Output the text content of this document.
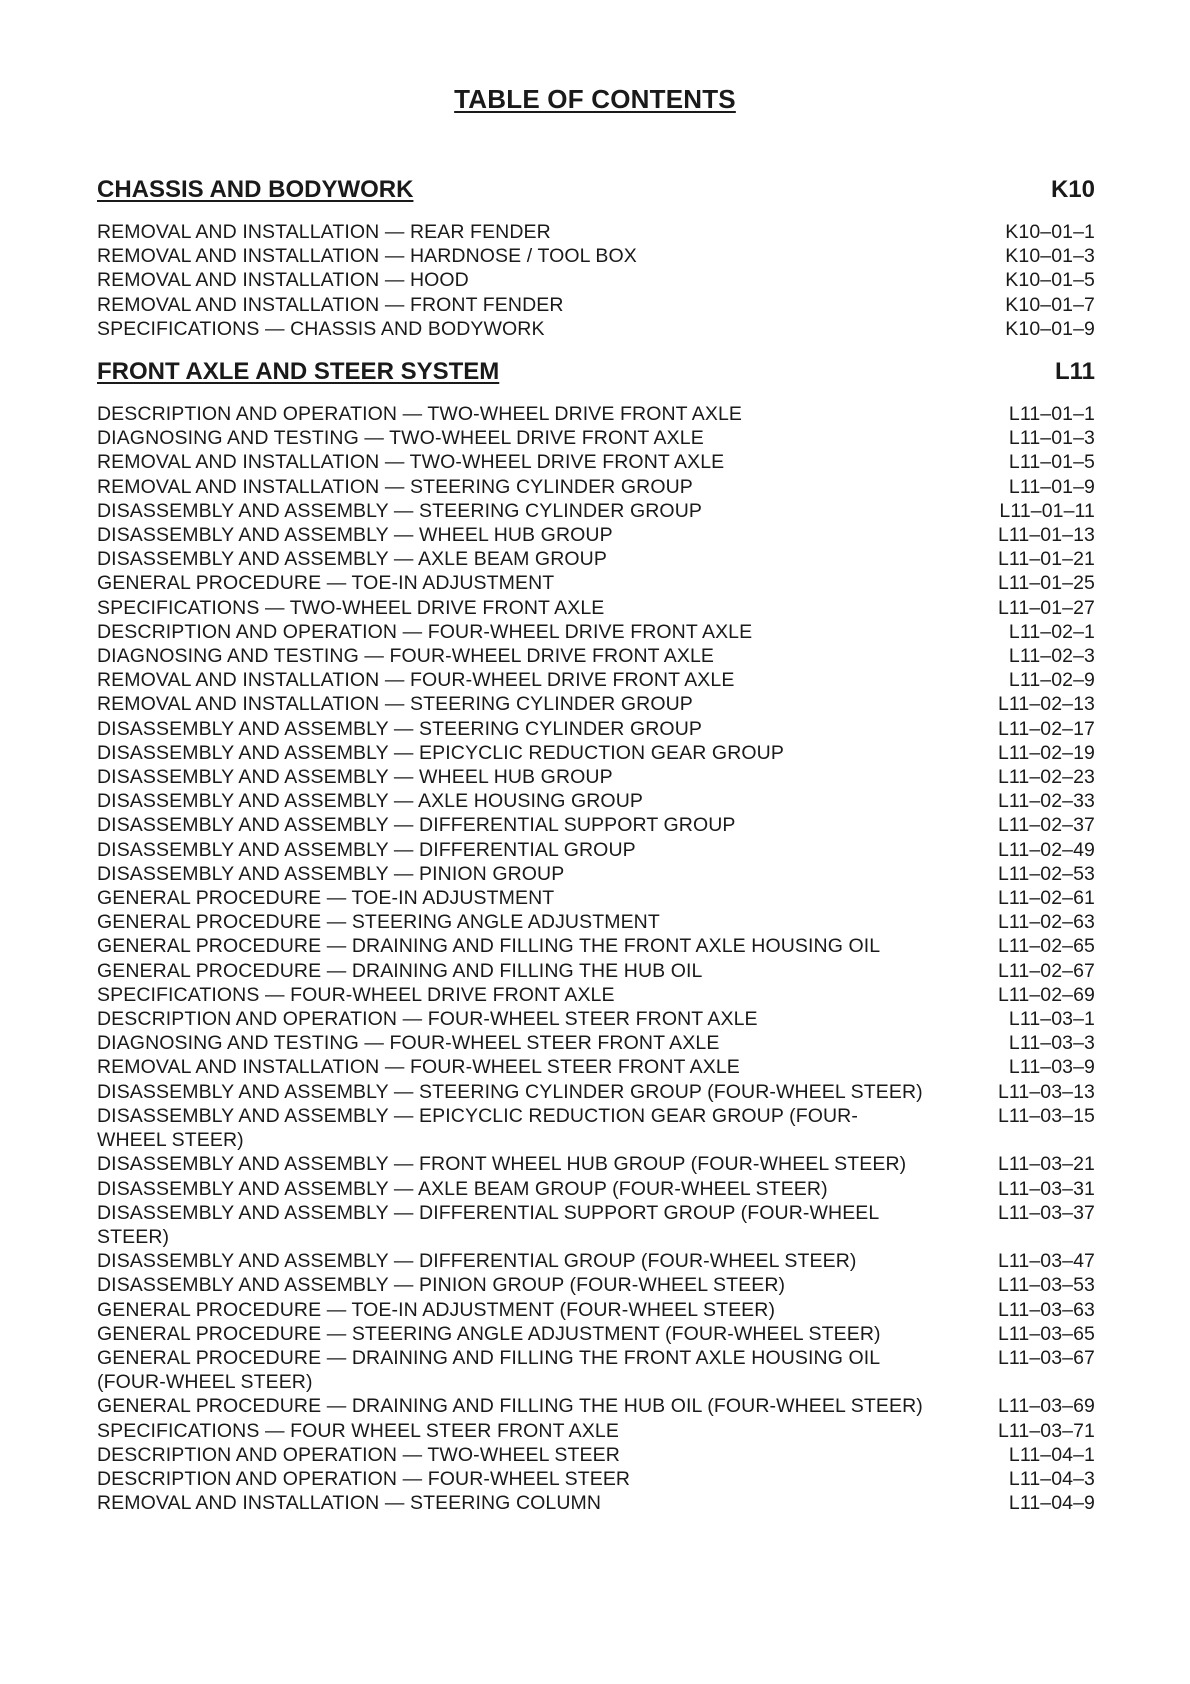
TABLE OF CONTENTS
CHASSIS AND BODYWORK	K10
REMOVAL AND INSTALLATION — REAR FENDER	K10–01–1
REMOVAL AND INSTALLATION — HARDNOSE / TOOL BOX	K10–01–3
REMOVAL AND INSTALLATION — HOOD	K10–01–5
REMOVAL AND INSTALLATION — FRONT FENDER	K10–01–7
SPECIFICATIONS — CHASSIS AND BODYWORK	K10–01–9
FRONT AXLE AND STEER SYSTEM	L11
DESCRIPTION AND OPERATION — TWO-WHEEL DRIVE FRONT AXLE	L11–01–1
DIAGNOSING AND TESTING — TWO-WHEEL DRIVE FRONT AXLE	L11–01–3
REMOVAL AND INSTALLATION — TWO-WHEEL DRIVE FRONT AXLE	L11–01–5
REMOVAL AND INSTALLATION — STEERING CYLINDER GROUP	L11–01–9
DISASSEMBLY AND ASSEMBLY — STEERING CYLINDER GROUP	L11–01–11
DISASSEMBLY AND ASSEMBLY — WHEEL HUB GROUP	L11–01–13
DISASSEMBLY AND ASSEMBLY — AXLE BEAM GROUP	L11–01–21
GENERAL PROCEDURE — TOE-IN ADJUSTMENT	L11–01–25
SPECIFICATIONS — TWO-WHEEL DRIVE FRONT AXLE	L11–01–27
DESCRIPTION AND OPERATION — FOUR-WHEEL DRIVE FRONT AXLE	L11–02–1
DIAGNOSING AND TESTING — FOUR-WHEEL DRIVE FRONT AXLE	L11–02–3
REMOVAL AND INSTALLATION — FOUR-WHEEL DRIVE FRONT AXLE	L11–02–9
REMOVAL AND INSTALLATION — STEERING CYLINDER GROUP	L11–02–13
DISASSEMBLY AND ASSEMBLY — STEERING CYLINDER GROUP	L11–02–17
DISASSEMBLY AND ASSEMBLY — EPICYCLIC REDUCTION GEAR GROUP	L11–02–19
DISASSEMBLY AND ASSEMBLY — WHEEL HUB GROUP	L11–02–23
DISASSEMBLY AND ASSEMBLY — AXLE HOUSING GROUP	L11–02–33
DISASSEMBLY AND ASSEMBLY — DIFFERENTIAL SUPPORT GROUP	L11–02–37
DISASSEMBLY AND ASSEMBLY — DIFFERENTIAL GROUP	L11–02–49
DISASSEMBLY AND ASSEMBLY — PINION GROUP	L11–02–53
GENERAL PROCEDURE — TOE-IN ADJUSTMENT	L11–02–61
GENERAL PROCEDURE — STEERING ANGLE ADJUSTMENT	L11–02–63
GENERAL PROCEDURE — DRAINING AND FILLING THE FRONT AXLE HOUSING OIL	L11–02–65
GENERAL PROCEDURE — DRAINING AND FILLING THE HUB OIL	L11–02–67
SPECIFICATIONS — FOUR-WHEEL DRIVE FRONT AXLE	L11–02–69
DESCRIPTION AND OPERATION — FOUR-WHEEL STEER FRONT AXLE	L11–03–1
DIAGNOSING AND TESTING — FOUR-WHEEL STEER FRONT AXLE	L11–03–3
REMOVAL AND INSTALLATION — FOUR-WHEEL STEER FRONT AXLE	L11–03–9
DISASSEMBLY AND ASSEMBLY — STEERING CYLINDER GROUP (FOUR-WHEEL STEER)	L11–03–13
DISASSEMBLY AND ASSEMBLY — EPICYCLIC REDUCTION GEAR GROUP (FOUR-WHEEL STEER)
L11–03–15
DISASSEMBLY AND ASSEMBLY — FRONT WHEEL HUB GROUP (FOUR-WHEEL STEER)	L11–03–21
DISASSEMBLY AND ASSEMBLY — AXLE BEAM GROUP (FOUR-WHEEL STEER)	L11–03–31
DISASSEMBLY AND ASSEMBLY — DIFFERENTIAL SUPPORT GROUP (FOUR-WHEEL STEER)
L11–03–37
DISASSEMBLY AND ASSEMBLY — DIFFERENTIAL GROUP (FOUR-WHEEL STEER)	L11–03–47
DISASSEMBLY AND ASSEMBLY — PINION GROUP (FOUR-WHEEL STEER)	L11–03–53
GENERAL PROCEDURE — TOE-IN ADJUSTMENT (FOUR-WHEEL STEER)	L11–03–63
GENERAL PROCEDURE — STEERING ANGLE ADJUSTMENT (FOUR-WHEEL STEER)	L11–03–65
GENERAL PROCEDURE — DRAINING AND FILLING THE FRONT AXLE HOUSING OIL (FOUR-WHEEL STEER)
L11–03–67
GENERAL PROCEDURE — DRAINING AND FILLING THE HUB OIL (FOUR-WHEEL STEER)	L11–03–69
SPECIFICATIONS — FOUR WHEEL STEER FRONT AXLE	L11–03–71
DESCRIPTION AND OPERATION — TWO-WHEEL STEER	L11–04–1
DESCRIPTION AND OPERATION — FOUR-WHEEL STEER	L11–04–3
REMOVAL AND INSTALLATION — STEERING COLUMN	L11–04–9
